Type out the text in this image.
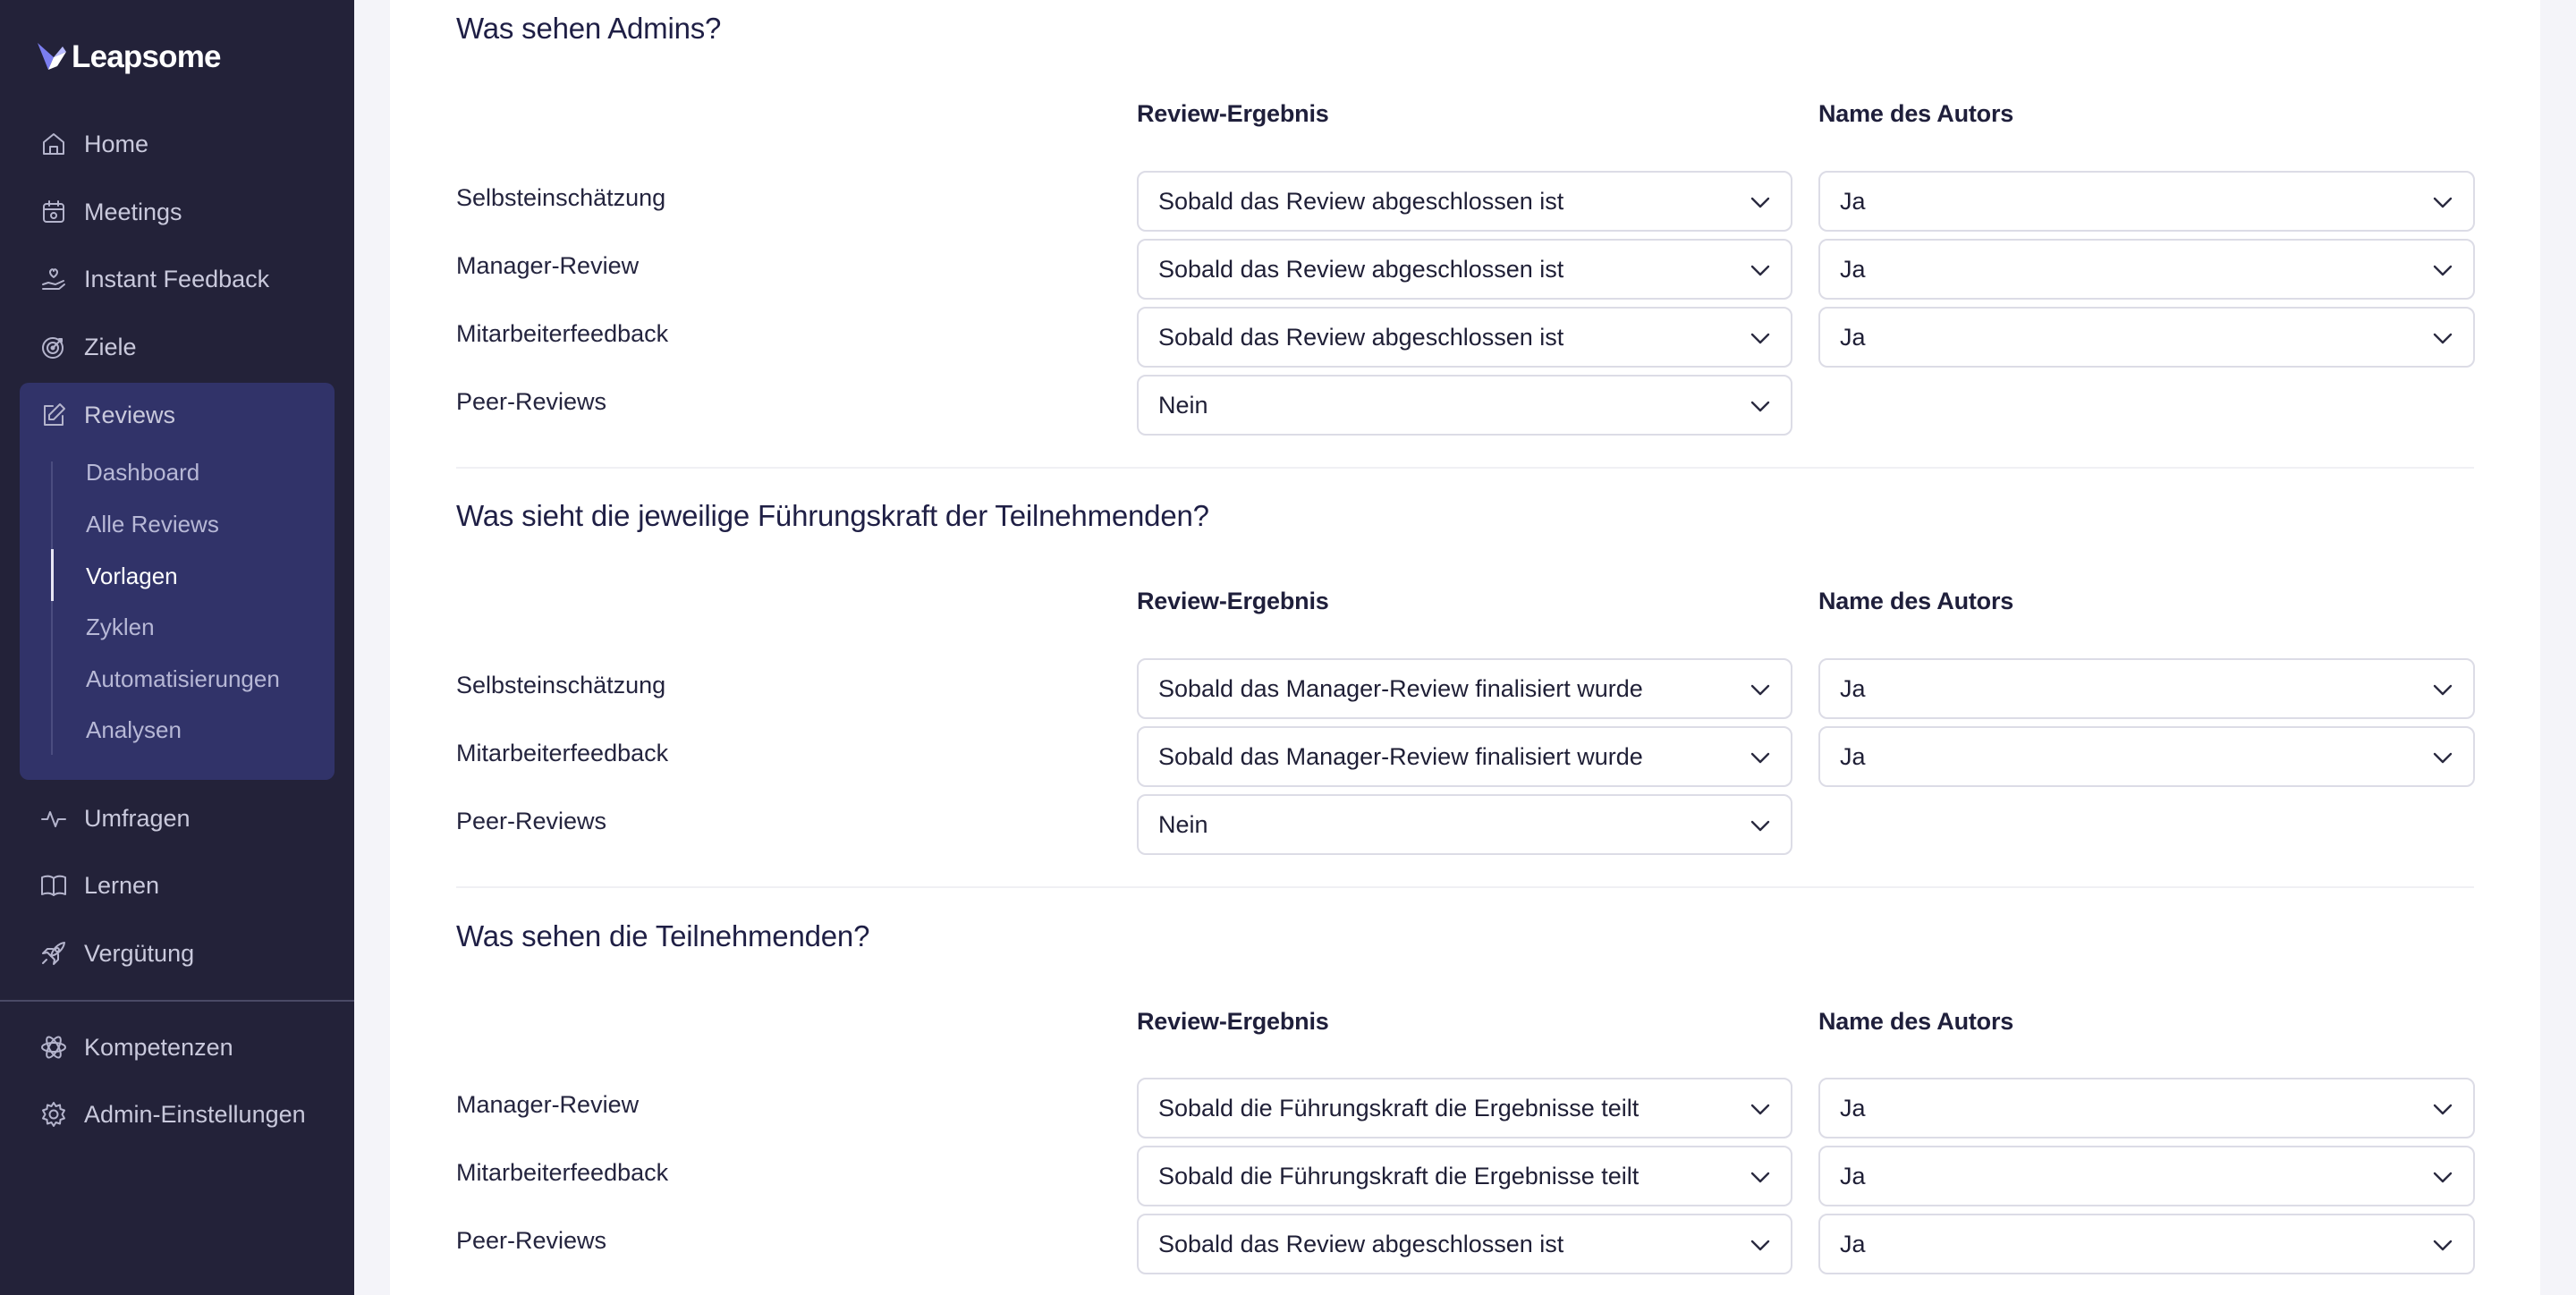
Leapsome
Home
Meetings
Instant Feedback
Ziele
Reviews
Dashboard
Alle Reviews
Vorlagen
Zyklen
Automatisierungen
Analysen
Umfragen
Lernen
Vergütung
Kompetenzen
Admin-Einstellungen
Was sehen Admins?
Review-Ergebnis	Name des Autors
Selbsteinschätzung	Sobald das Review abgeschlossen ist	Ja
Manager-Review	Sobald das Review abgeschlossen ist	Ja
Mitarbeiterfeedback	Sobald das Review abgeschlossen ist	Ja
Peer-Reviews	Nein
Was sieht die jeweilige Führungskraft der Teilnehmenden?
Review-Ergebnis	Name des Autors
Selbsteinschätzung	Sobald das Manager-Review finalisiert wurde	Ja
Mitarbeiterfeedback	Sobald das Manager-Review finalisiert wurde	Ja
Peer-Reviews	Nein
Was sehen die Teilnehmenden?
Review-Ergebnis	Name des Autors
Manager-Review	Sobald die Führungskraft die Ergebnisse teilt	Ja
Mitarbeiterfeedback	Sobald die Führungskraft die Ergebnisse teilt	Ja
Peer-Reviews	Sobald das Review abgeschlossen ist	Ja
